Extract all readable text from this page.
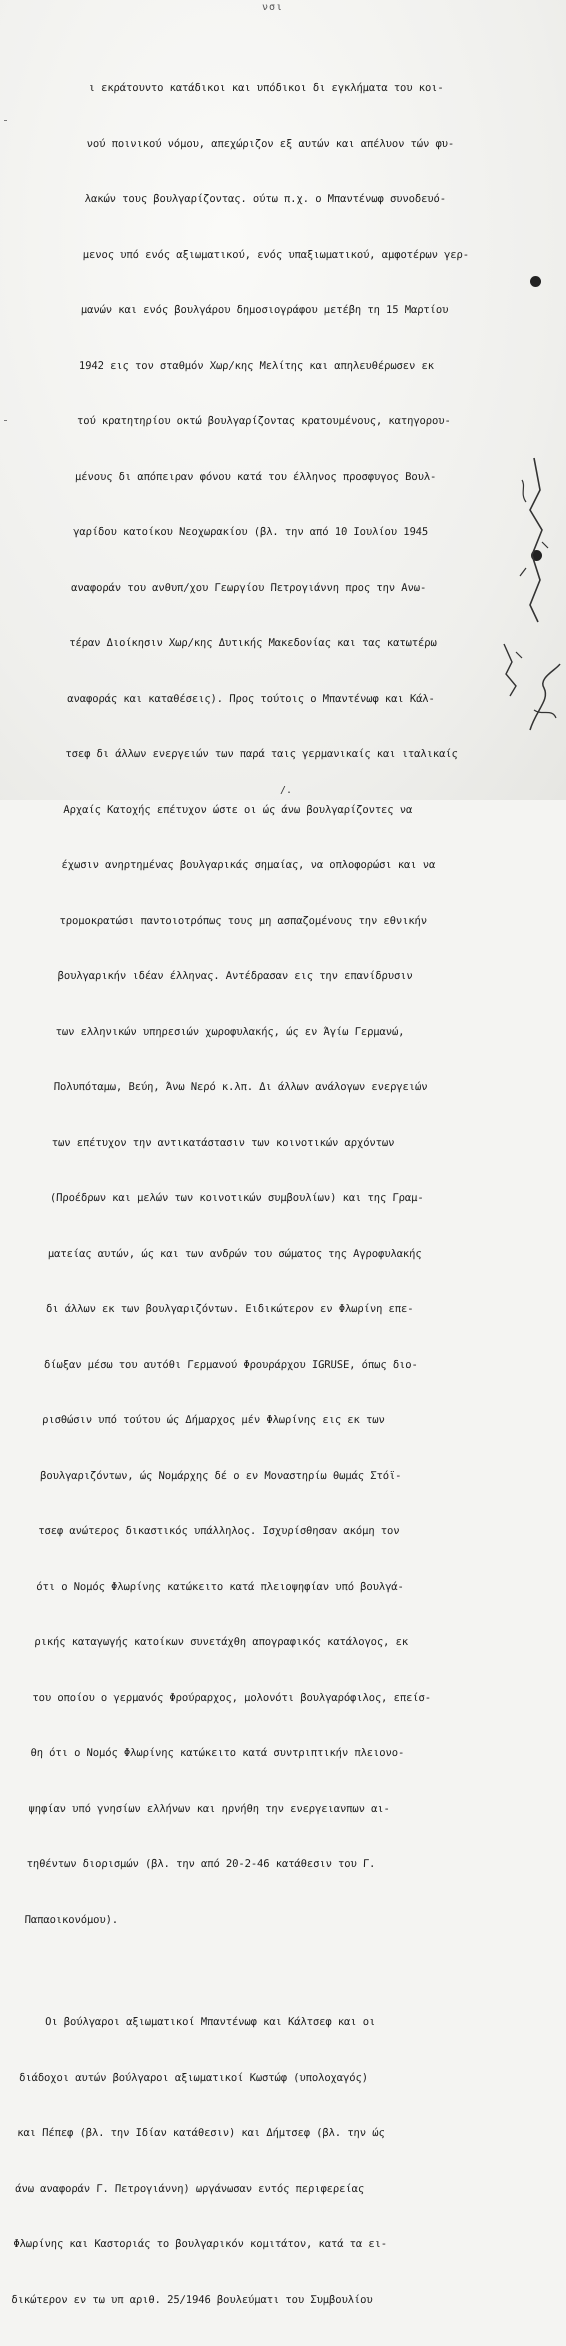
νσι

ι εκράτουντο κατάδικοι και υπόδικοι δι εγκλήματα του κοι-

νού ποινικού νόμου, απεχώριζον εξ αυτών και απέλυον τών φυ-

λακών τους βουλγαρίζοντας. ούτω π.χ. ο Μπαντένωφ συνοδευό-

μενος υπό ενός αξιωματικού, ενός υπαξιωματικού, αμφοτέρων γερ-

μανών και ενός βουλγάρου δημοσιογράφου μετέβη τη 15 Μαρτίου

1942 εις τον σταθμόν Χωρ/κης Μελίτης και απηλευθέρωσεν εκ

τού κρατητηρίου οκτώ βουλγαρίζοντας κρατουμένους, κατηγορου-

μένους δι απόπειραν φόνου κατά του έλληνος προσφυγος Βουλ-

γαρίδου κατοίκου Νεοχωρακίου (βλ. την από 10 Ιουλίου 1945

αναφοράν του ανθυπ/χου Γεωργίου Πετρογιάννη προς την Ανω-

τέραν Διοίκησιν Χωρ/κης Δυτικής Μακεδονίας και τας κατωτέρω

αναφοράς και καταθέσεις). Προς τούτοις ο Μπαντένωφ και Κάλ-

τσεφ δι άλλων ενεργειών των παρά ταις γερμανικαίς και ιταλικαίς

Αρχαίς Κατοχής επέτυχον ώστε οι ώς άνω βουλγαρίζοντες να

έχωσιν ανηρτημένας βουλγαρικάς σημαίας, να οπλοφορώσι και να

τρομοκρατώσι παντοιοτρόπως τους μη ασπαζομένους την εθνικήν

βουλγαρικήν ιδέαν έλληνας. Αντέδρασαν εις την επανίδρυσιν

των ελληνικών υπηρεσιών χωροφυλακής, ώς εν Άγίω Γερμανώ,

Πολυπόταμω, Βεύη, Άνω Νερό κ.λπ. Δι άλλων ανάλογων ενεργειών

των επέτυχον την αντικατάστασιν των κοινοτικών αρχόντων

(Προέδρων και μελών των κοινοτικών συμβουλίων) και της Γραμ-

ματείας αυτών, ώς και των ανδρών του σώματος της Αγροφυλακής

δι άλλων εκ των βουλγαριζόντων. Ειδικώτερον εν Φλωρίνη επε-

δίωξαν μέσω του αυτόθι Γερμανού Φρουράρχου IGRUSE, όπως διο-

ρισθώσιν υπό τούτου ώς Δήμαρχος μέν Φλωρίνης εις εκ των

βουλγαριζόντων, ώς Νομάρχης δέ ο εν Μοναστηρίω θωμάς Στόϊ-

τσεφ ανώτερος δικαστικός υπάλληλος. Ισχυρίσθησαν ακόμη τον

ότι ο Νομός Φλωρίνης κατώκειτο κατά πλειοψηφίαν υπό βουλγά-

ρικής καταγωγής κατοίκων συνετάχθη απογραφικός κατάλογος, εκ

του οποίου ο γερμανός Φρούραρχος, μολονότι βουλγαρόφιλος, επείσ-

θη ότι ο Νομός Φλωρίνης κατώκειτο κατά συντριπτικήν πλειονο-

ψηφίαν υπό γνησίων ελλήνων και ηρνήθη την ενεργειανπων αι-

τηθέντων διορισμών (βλ. την από 20-2-46 κατάθεσιν του Γ.

Παπαοικονόμου).

Οι βούλγαροι αξιωματικοί Μπαντένωφ και Κάλτσεφ και οι

διάδοχοι αυτών βούλγαροι αξιωματικοί Κωστώφ (υπολοχαγός)

και Πέπεφ (βλ. την Ιδίαν κατάθεσιν) και Δήμτσεφ (βλ. την ώς

άνω αναφοράν Γ. Πετρογιάννη) ωργάνωσαν εντός περιφερείας

Φλωρίνης και Καστοριάς το βουλγαρικόν κομιτάτον, κατά τα ει-

δικώτερον εν τω υπ αριθ. 25/1946 βουλεύματι του Συμβουλίου

/.
